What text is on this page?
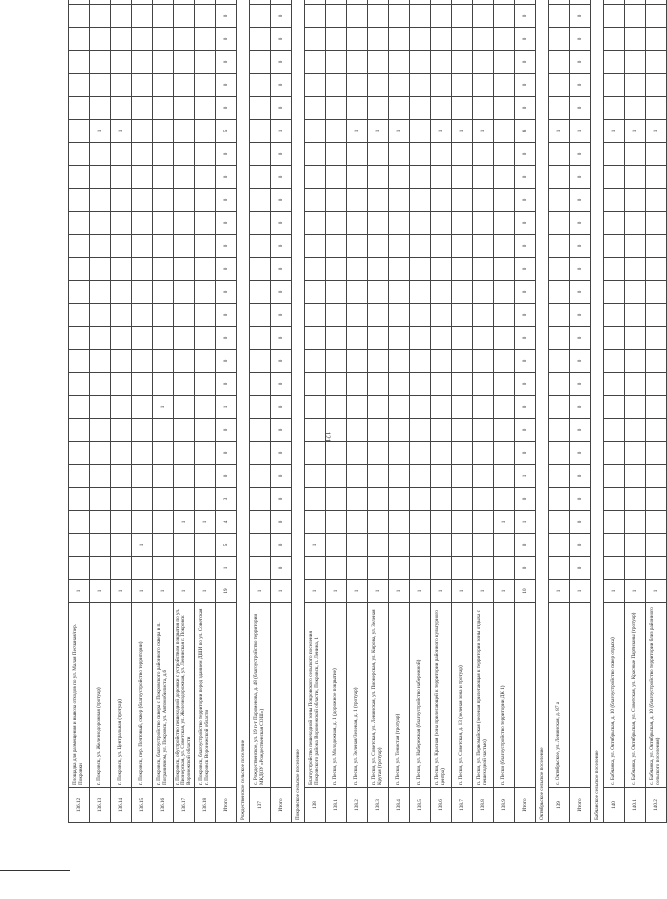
121
136.12	Площадка для размещения и вывоза отходов по ул. Малая Песчаная/пер. Покровки	1																										
136.13	г. Покровск, ул. Железнодорожная (тротуар)	1																				1						
136.14	г. Покровск, ул. Центральная (тротуар)	1																				1						
136.15	г. Покровск, пер. Почтовый, сквер (благоустройство территории)	1		1																								
136.16	г. Покровск, благоустройство сквера с Покровского районного сквера в п. Пограничном, ул. Покровск, ул. Автомобилиста, д.6	1								1																		
136.17	г. Покровск, обустройство пешеходной дорожки с устройством покрытия по ул. Пионерская, ул. Советская, ул. Железнодорожная, ул. Ленинская г. Покровск Воронежской области	1			1																							
136.18	г. Покровск, благоустройство территории перед зданием ДШИ по ул. Советская г. Покровск Воронежской области	1			1																							
Итого		19	1	5	4	3	0	0	0	1	0	0	0	0	0	0	0	0	0	0	0	5	0	0	0	0	0	
Рождественское сельское поселение																												
137	с. Рождественское, ул. 19 п-т Пароменова, д. 48 (благоустройство территории МКДОУ «Рождественская СОШ»)	1																										
Итого		1	0	0	0	0	0	0	0	0	0	0	0	0	0	0	0	0	0	0	0	1	0	0	0	0	0	
Покровское сельское поселение																												
138	Благоустройство пешеходной зоны Покровского сельского поселения Покровского района Воронежской области, Покровск, п. Ленина, 1	1		1																								
138.1	п. Пески, ул. Молодежная, д. 1 (дорожное покрытие)	1																										
138.2	п. Пески, ул. Зеленая/Зеленая, д. 1 (тротуар)	1																				1						
138.3	п. Пески, ул. Советская, ул. Ленинская, ул. Пионерская, ул. Кирова, ул. Зеленая Крутая (тротуар)	1																				1						
138.4	п. Пески, ул. Тенистая (тротуар)	1																				1						
138.5	п. Пески, ул. Набережная (благоустройство набережной)	1																										
138.6	п. Пески, ул. Красная (зона прилегающей к территории районного культурного центра)	1																				1						
138.7	п. Пески, ул. Советская, д. 13 (зеленая зона и тротуар)	1																				1						
138.8	п. Пески, ул. Первомайская (зеленая прилегающая к территории зоны отдыха с пешеходной частью)	1																				1						
138.9	п. Пески (благоустройство территории ДК 1)	1			1																							
Итого		10	0	0	1	0	1	0	0	0	0	0	0	0	0	0	0	0	0	0	0	8	0	0	0	0	0	
Октябрьское сельское поселение																												
139	с. Октябрьское, ул. Ленинская, д. 87 а	1																				1						
Итого		1	0	0	0	0	0	0	0	0	0	0	0	0	0	0	0	0	0	0	0	1	0	0	0	0	0	
Бабчанское сельское поселение																												
140	с. Бабчанка, ул. Октябрьская, д. 10 (благоустройство сквер отдыха)	1																				1						
140.1	с. Бабчанка, ул. Октябрьская, ул. Советская, ул. Красные Партизаны (тротуар)	1																				1						
140.2	с. Бабчанка, ул. Октябрьская, д. 10 (благоустройство территории близ районного сельского поселения)	1																				1						
